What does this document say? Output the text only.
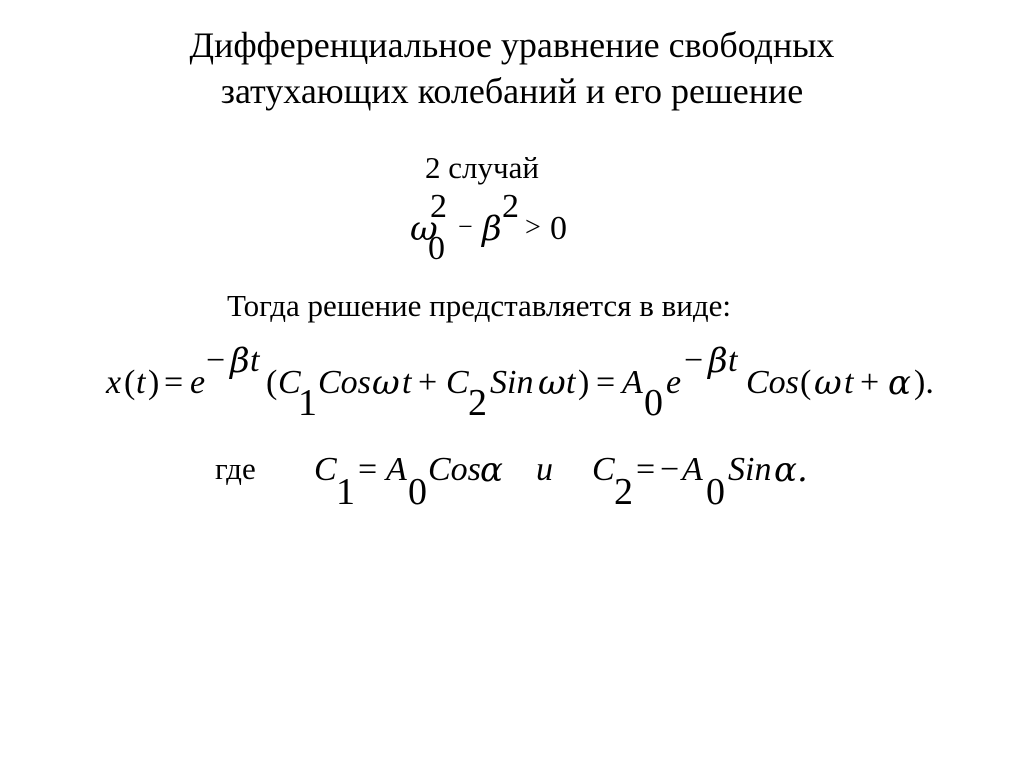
Дифференциальное уравнение свободных
затухающих колебаний и его решение
2 случай
ω
2
0
− β
2
> 0
Тогда решение представляется в виде:
x ( t ) = e
− β t
( C
1 Cos ω t + C 2 Sin ω t ) = A 0 e
− β t
Cos ( ω t + α ).
где C
1
= A
0
Cos α и C
2
= − A
0
Sin α.
